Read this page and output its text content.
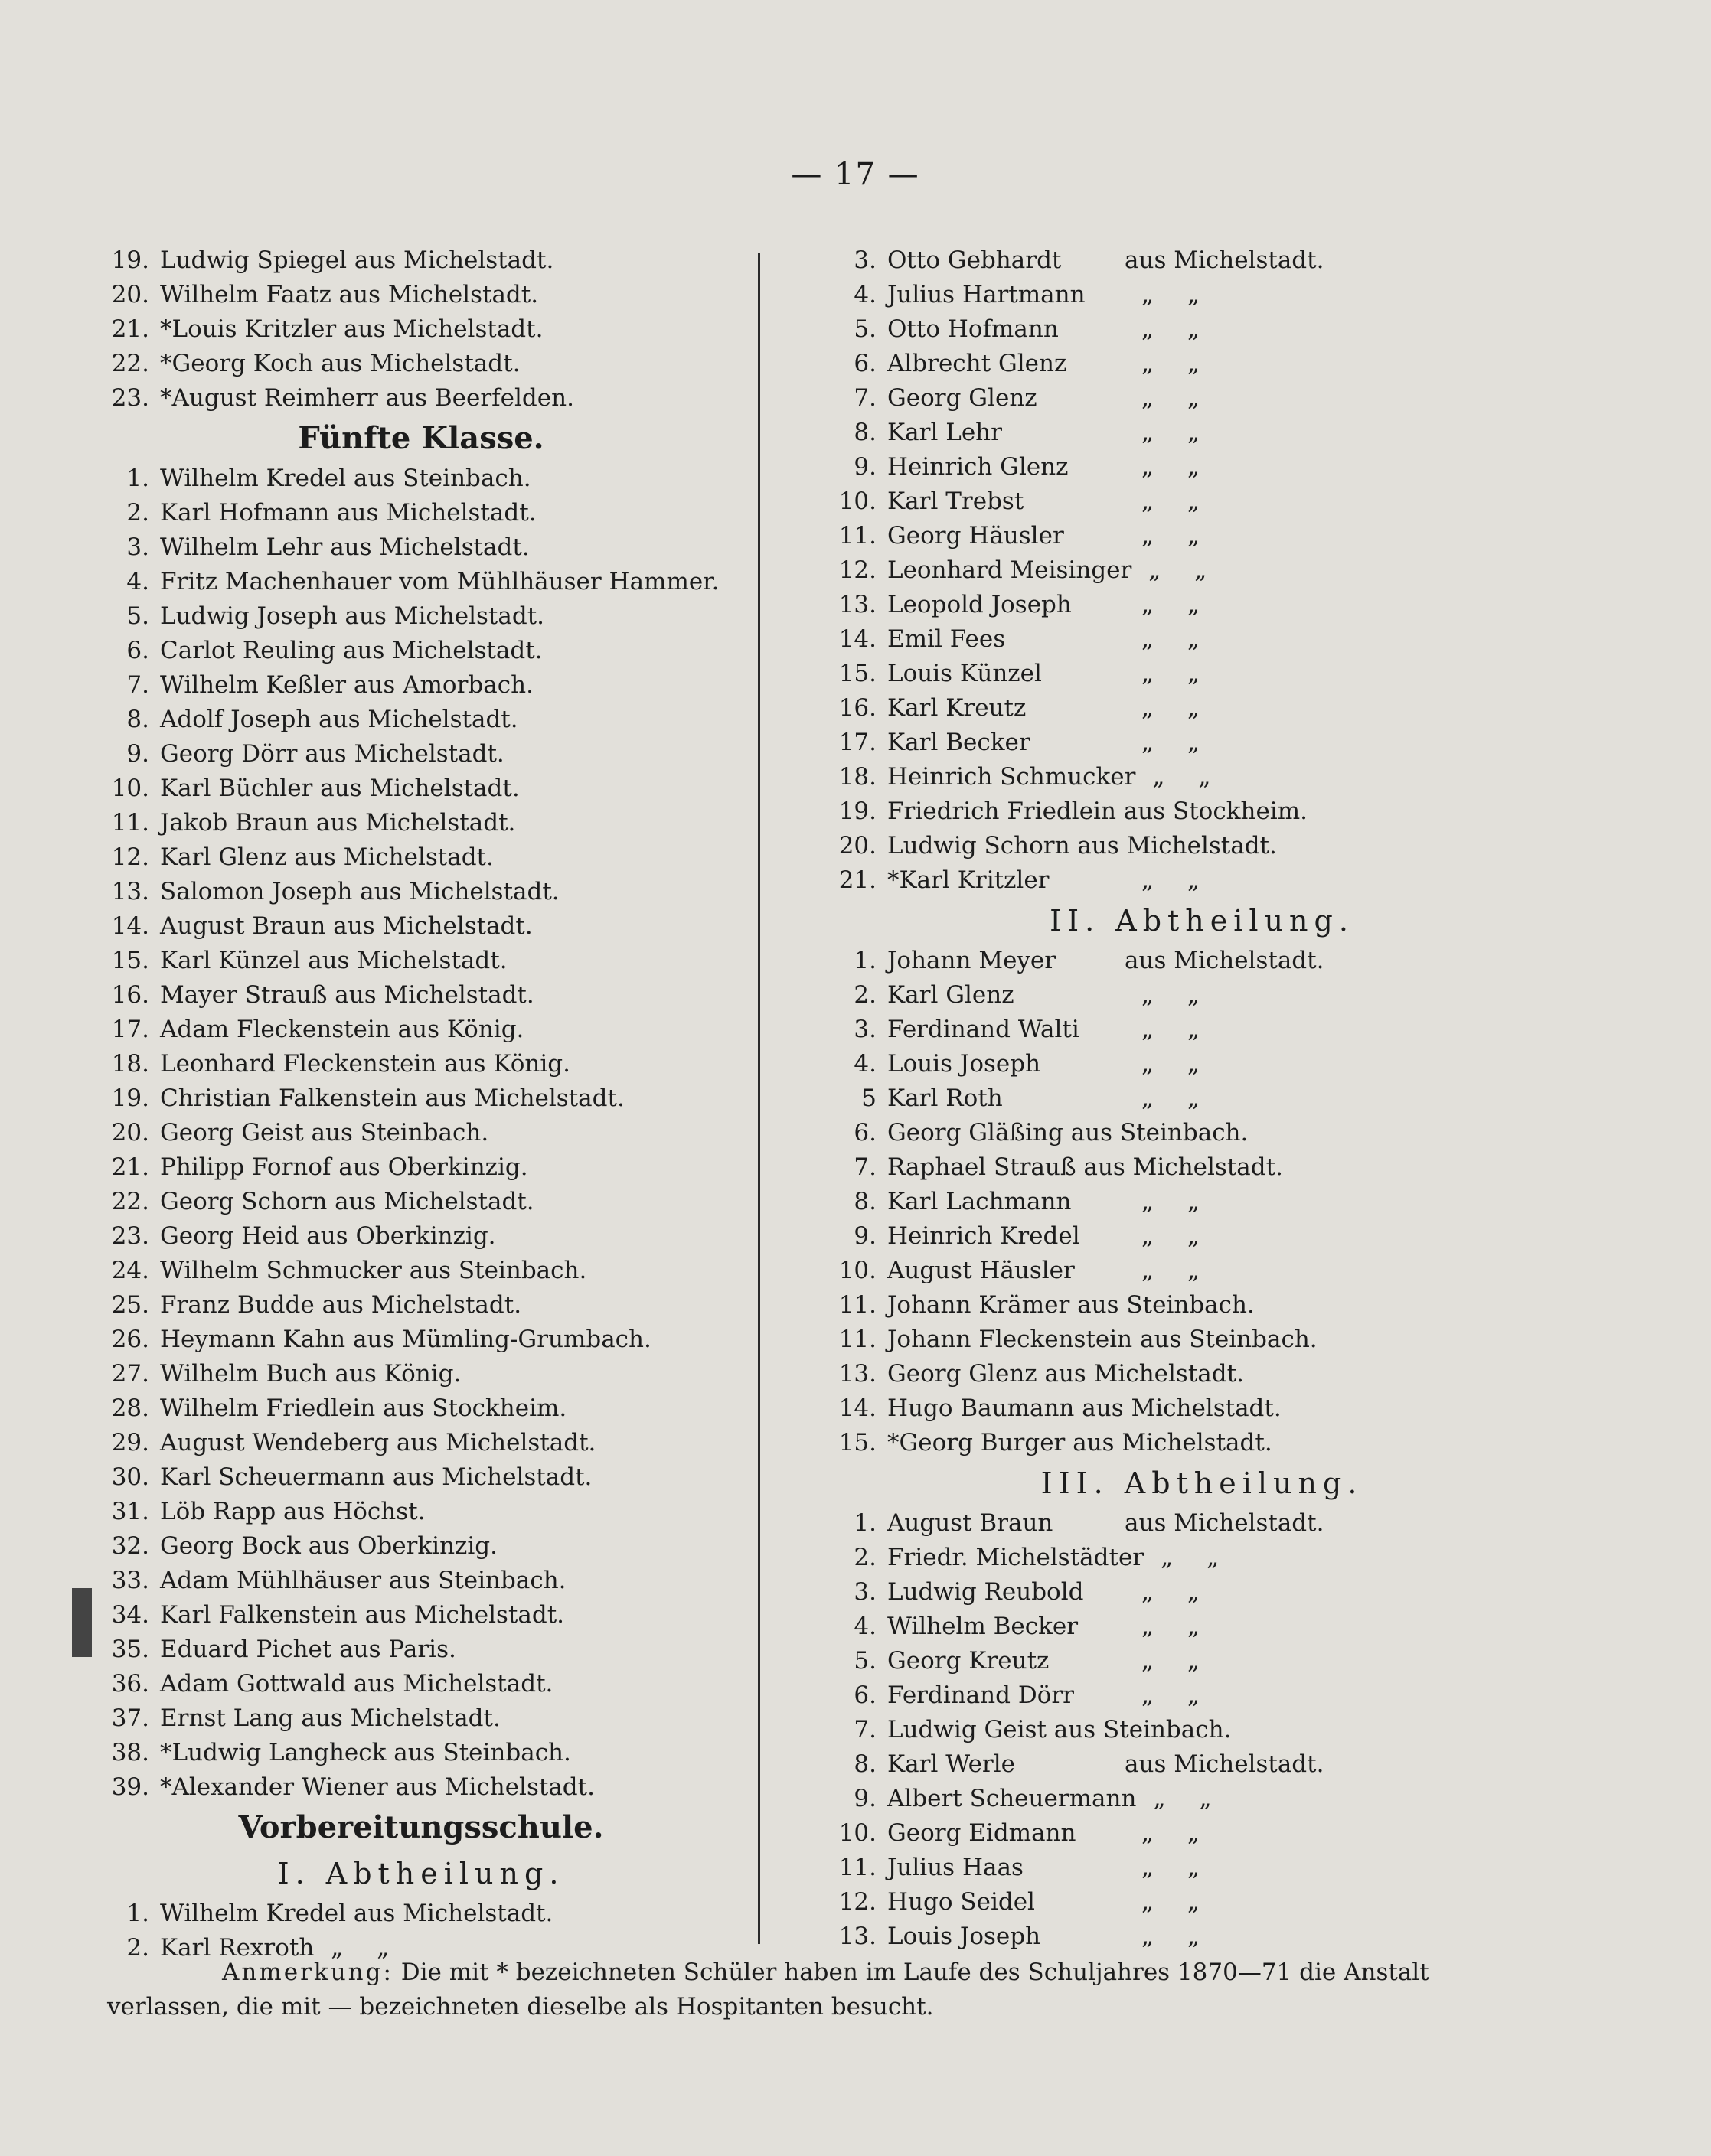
— 17 —
19. Ludwig Spiegel aus Michelstadt.
20. Wilhelm Faatz aus Michelstadt.
21. *Louis Kritzler aus Michelstadt.
22. *Georg Koch aus Michelstadt.
23. *August Reimherr aus Beerfelden.
Fünfte Klasse.
1. Wilhelm Kredel aus Steinbach.
2. Karl Hofmann aus Michelstadt.
3. Wilhelm Lehr aus Michelstadt.
4. Fritz Machenhauer vom Mühlhäuser Hammer.
5. Ludwig Joseph aus Michelstadt.
6. Carlot Reuling aus Michelstadt.
7. Wilhelm Keßler aus Amorbach.
8. Adolf Joseph aus Michelstadt.
9. Georg Dörr aus Michelstadt.
10. Karl Büchler aus Michelstadt.
11. Jakob Braun aus Michelstadt.
12. Karl Glenz aus Michelstadt.
13. Salomon Joseph aus Michelstadt.
14. August Braun aus Michelstadt.
15. Karl Künzel aus Michelstadt.
16. Mayer Strauß aus Michelstadt.
17. Adam Fleckenstein aus König.
18. Leonhard Fleckenstein aus König.
19. Christian Falkenstein aus Michelstadt.
20. Georg Geist aus Steinbach.
21. Philipp Fornof aus Oberkinzig.
22. Georg Schorn aus Michelstadt.
23. Georg Heid aus Oberkinzig.
24. Wilhelm Schmucker aus Steinbach.
25. Franz Budde aus Michelstadt.
26. Heymann Kahn aus Mümling-Grumbach.
27. Wilhelm Buch aus König.
28. Wilhelm Friedlein aus Stockheim.
29. August Wendeberg aus Michelstadt.
30. Karl Scheuermann aus Michelstadt.
31. Löb Rapp aus Höchst.
32. Georg Bock aus Oberkinzig.
33. Adam Mühlhäuser aus Steinbach.
34. Karl Falkenstein aus Michelstadt.
35. Eduard Pichet aus Paris.
36. Adam Gottwald aus Michelstadt.
37. Ernst Lang aus Michelstadt.
38. *Ludwig Langheck aus Steinbach.
39. *Alexander Wiener aus Michelstadt.
Vorbereitungsschule.
I. Abtheilung.
1. Wilhelm Kredel aus Michelstadt.
2. Karl Rexroth „ „
3. Otto Gebhardt	aus Michelstadt.
4. Julius Hartmann „ „
5. Otto Hofmann	„ „
6. Albrecht Glenz	„ „
7. Georg Glenz	„ „
8. Karl Lehr	„ „
9. Heinrich Glenz	„ „
10. Karl Trebst	„ „
11. Georg Häusler	„ „
12. Leonhard Meisinger „ „
13. Leopold Joseph	„ „
14. Emil Fees	„ „
15. Louis Künzel	„ „
16. Karl Kreutz	„ „
17. Karl Becker	„ „
18. Heinrich Schmucker „ „
19. Friedrich Friedlein aus Stockheim.
20. Ludwig Schorn aus Michelstadt.
21. *Karl Kritzler	„ „
II. Abtheilung.
1. Johann Meyer	aus Michelstadt.
2. Karl Glenz	„ „
3. Ferdinand Walti	„ „
4. Louis Joseph	„ „
5 Karl Roth	„ „
6. Georg Gläßing aus Steinbach.
7. Raphael Strauß aus Michelstadt.
8. Karl Lachmann	„ „
9. Heinrich Kredel	„ „
10. August Häusler	„ „
11. Johann Krämer aus Steinbach.
11. Johann Fleckenstein aus Steinbach.
13. Georg Glenz aus Michelstadt.
14. Hugo Baumann aus Michelstadt.
15. *Georg Burger aus Michelstadt.
III. Abtheilung.
1. August Braun	aus Michelstadt.
2. Friedr. Michelstädter „ „
3. Ludwig Reubold „ „
4. Wilhelm Becker	„ „
5. Georg Kreutz	„ „
6. Ferdinand Dörr	„ „
7. Ludwig Geist aus Steinbach.
8. Karl Werle	aus Michelstadt.
9. Albert Scheuermann „ „
10. Georg Eidmann	„ „
11. Julius Haas	„ „
12. Hugo Seidel	„ „
13. Louis Joseph	„ „
Anmerkung: Die mit * bezeichneten Schüler haben im Laufe des Schuljahres 1870—71 die Anstalt
verlassen, die mit — bezeichneten dieselbe als Hospitanten besucht.
